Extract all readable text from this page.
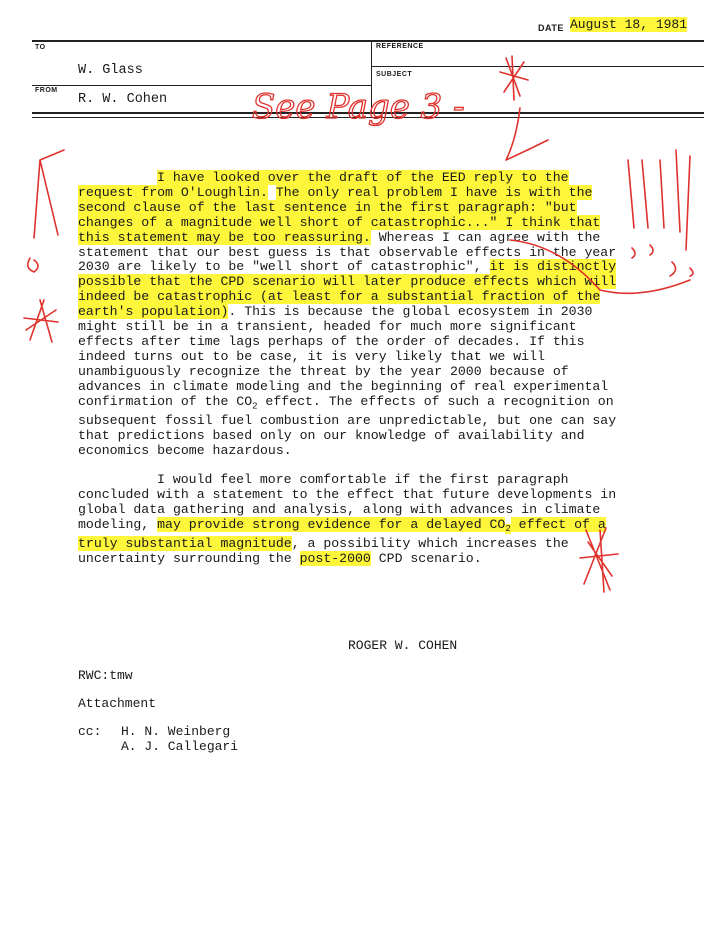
DATE August 18, 1981
TO
W. Glass
REFERENCE
SUBJECT
FROM
R. W. Cohen

I have looked over the draft of the EED reply to the request from O'Loughlin. The only real problem I have is with the second clause of the last sentence in the first paragraph: "but changes of a magnitude well short of catastrophic..." I think that this statement may be too reassuring. Whereas I can agree with the statement that our best guess is that observable effects in the year 2030 are likely to be "well short of catastrophic", it is distinctly possible that the CPD scenario will later produce effects which will indeed be catastrophic (at least for a substantial fraction of the earth's population). This is because the global ecosystem in 2030 might still be in a transient, headed for much more significant effects after time lags perhaps of the order of decades. If this indeed turns out to be case, it is very likely that we will unambiguously recognize the threat by the year 2000 because of advances in climate modeling and the beginning of real experimental confirmation of the $CO_2$ effect. The effects of such a recognition on subsequent fossil fuel combustion are unpredictable, but one can say that predictions based only on our knowledge of availability and economics become hazardous.

I would feel more comfortable if the first paragraph concluded with a statement to the effect that future developments in global data gathering and analysis, along with advances in climate modeling, may provide strong evidence for a delayed $CO_2$ effect of a truly substantial magnitude, a possibility which increases the uncertainty surrounding the post-2000 CPD scenario.

ROGER W. COHEN
RWC:tmw
Attachment
cc: H. N. Weinberg
A. J. Callegari
See Page 3 -
